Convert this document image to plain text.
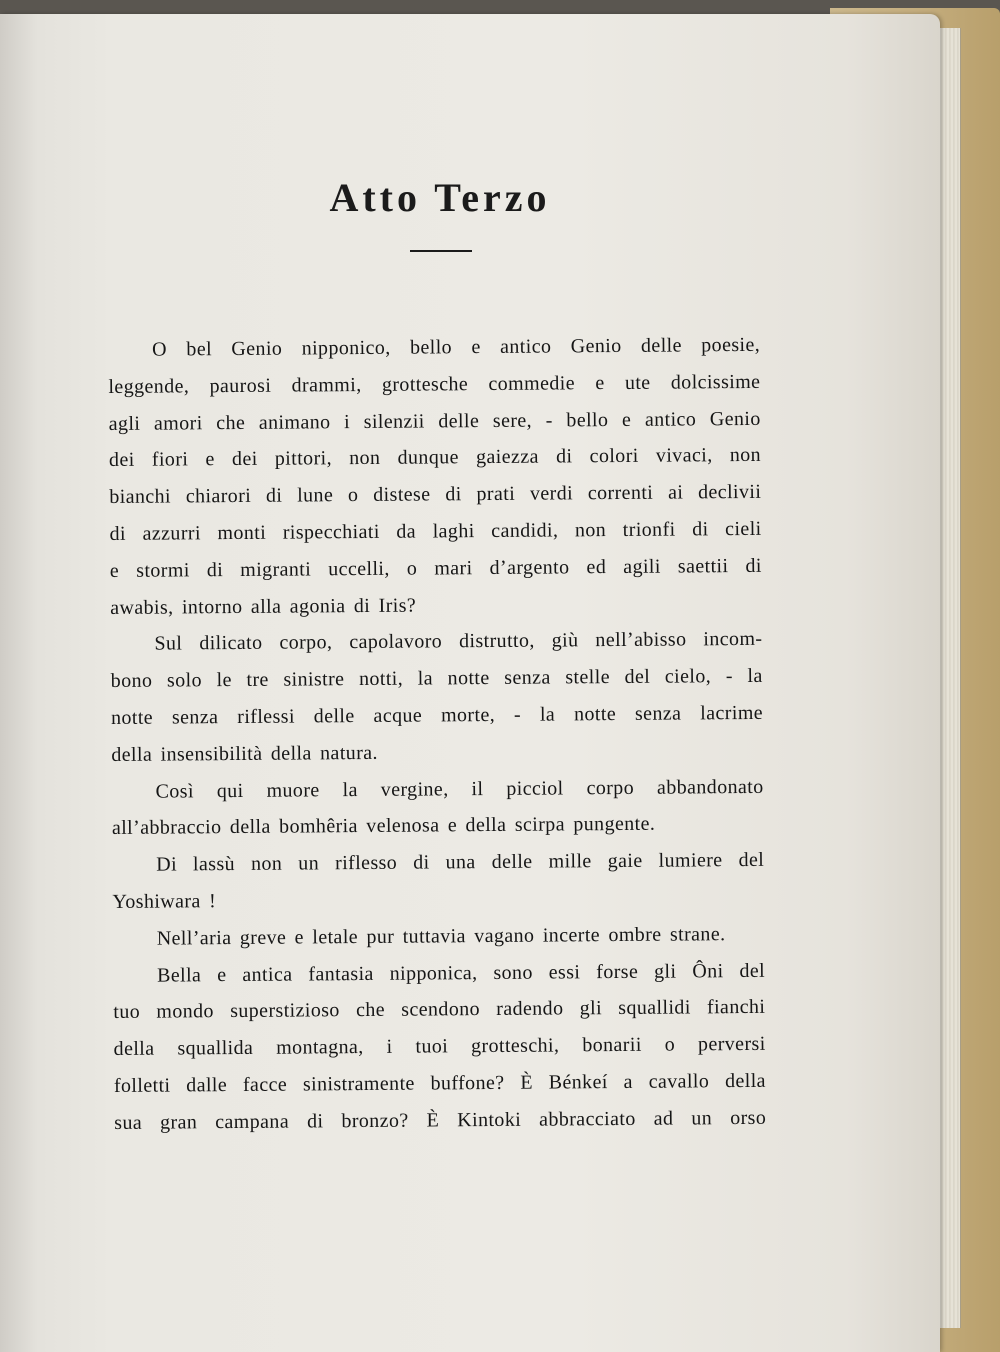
Atto Terzo
O bel Genio nipponico, bello e antico Genio delle poesie,
leggende, paurosi drammi, grottesche commedie e ute dolcissime
agli amori che animano i silenzii delle sere, - bello e antico Genio
dei fiori e dei pittori, non dunque gaiezza di colori vivaci, non
bianchi chiarori di lune o distese di prati verdi correnti ai declivii
di azzurri monti rispecchiati da laghi candidi, non trionfi di cieli
e stormi di migranti uccelli, o mari d’argento ed agili saettii di
awabis, intorno alla agonia di Iris?
Sul dilicato corpo, capolavoro distrutto, giù nell’abisso incom-
bono solo le tre sinistre notti, la notte senza stelle del cielo, - la
notte senza riflessi delle acque morte, - la notte senza lacrime
della insensibilità della natura.
Così qui muore la vergine, il picciol corpo abbandonato
all’abbraccio della bomhêria velenosa e della scirpa pungente.
Di lassù non un riflesso di una delle mille gaie lumiere del
Yoshiwara !
Nell’aria greve e letale pur tuttavia vagano incerte ombre strane.
Bella e antica fantasia nipponica, sono essi forse gli Ôni del
tuo mondo superstizioso che scendono radendo gli squallidi fianchi
della squallida montagna, i tuoi grotteschi, bonarii o perversi
folletti dalle facce sinistramente buffone? È Bénkeí a cavallo della
sua gran campana di bronzo? È Kintoki abbracciato ad un orso
